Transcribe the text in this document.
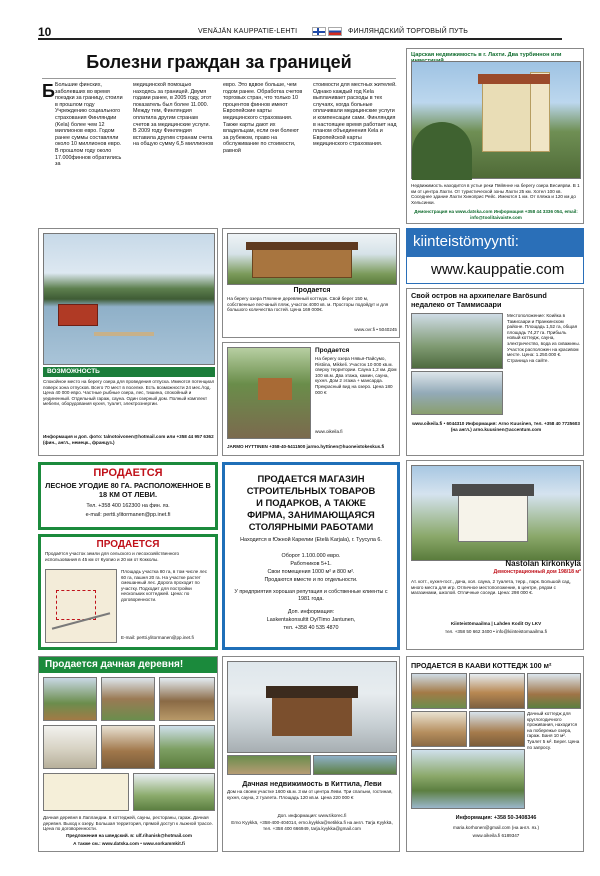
10	VENÄJÄN KAUPPATIE-LEHTI	ФИНЛЯНДСКИЙ ТОРГОВЫЙ ПУТЬ
Болезни граждан за границей
Б Большие финских, заболевших во время поездки за границу, стоили в прошлом году Учреждению социального страхования Финляндии (Kela) более чем 12 миллионов евро. Годом ранее суммы составляли около 10 миллионов евро. В прошлом году около 17.000финнов обратились за
медицинской помощью находясь за границей. Двумя годами ранее, в 2005 году, этот показатель был более 11.000. Между тем, Финляндия оплатила другим странам счетов за медицинские услуги. В 2009 году Финляндия вставила другим странам счета на общую сумму 6,5 миллионов
евро. Это вдвое больше, чем годом ранее. Обработка счетов торговых стран, что только 10 процентов финнов имеют Европейские карты медицинского страхования. Также карты дают их владельцам, если они болеют за рубежом, право на обслуживание по стоимости, равной
стоимости для местных жителей. Однако каждый год Kela выплачивает расходы в тех случаях, когда больные оплачивали медицинские услуги и компенсации сами. Финляндия в настоящее время работает над планом объединения Кela и Европейской карты медицинского страхования.
Царская недвижимость в г. Лахти. Два турбиннон или
Недвижимость находится в устье реки Пяйянне на берегу озера Весиярви. В 1 км от центра Лахти. От туристической зоны Лахти 25 км. Хотел 100 кв. Соседнее здание Лахти Хиноприс Рейс. Имеются 1 км. От пляжа и 120 км до Хельсинки.
Демонстрация на www.datska.com Информация +358 44 3336 054, email: info@toolitaivaiste.com
ВОЗМОЖНОСТЬ
Спокойное место на берегу озера для проведения отпуска. Имеются потенциал поверх зона отпусков. Всего 70 мест в поселке. Есть возможности 24 мес./год. Цена 40 000 евро. Частные рыбные озера, лес, тишина, спокойный и уединенный. Отдельный гараж, сауна. Один озерный дом. Полный комплект мебели, оборудования кухня, туалет, электроэнергии.
Информация и доп. фото: talnotoivonen@hotmail.com или +358 44 957 6362 (фин., англ., немецк., француз.)
Продается
На берегу озера Пяхянне деревянный коттедж. Свой берег 150 м, собственные песчаный пляж, участок 4000 кв. м. Просторы подойдут и для большого количества гостей. Цена 169 000€.
www.ovr.fi • 5040245
Продается
На берегу озера Нявья-Пайсумо, Ristiina, Mikkeli. Участок 10 000 кв.м. сверху территории. Сауна 1,2 км. Дом 100 кв.м. Два этажа, камин, сауна, кухня. Дом 2 этажа + мансарда. Прекрасный вид на озеро. Цена 180 000 €
www.oikeila.fi
JARMO HYTTINEN +358-40-5411500 jarmo.hyttinen@huoneistokeskus.fi
kiinteistömyynti:
www.kauppatie.com
Свой остров на архипелаге Barösund недалеко от Таммисаари
Местоположение: Коийка в Тамисаари и Пранкинском районе. Площадь 1,52 га, общая площадь 74,27 га. Прибыль новый коттедж, сауна, электричество, вода из скважины. Участок расположен на красивом месте. Цена: 1.250.000 €. Страница на сайте.
www.oikeila.fi • 6044310 Информация: Arno Kuusinen, тел. +358 40 7725603 (на англ.) arno.kuusinen@accentum.com
ПРОДАЕТСЯ
ЛЕСНОЕ УГОДИЕ 80 ГА. РАСПОЛОЖЕННОЕ В 18 КМ ОТ ЛЕВИ.
Тел. +358 400 162300 на фин. яз.
e-mail: pertti.ylitormanen@pp.inet.fi
ПРОДАЕТСЯ
Продаётся участок земли для сельского и лесохозяйственного использования в 45 км от Куопио и 20 км от Кокколы.
Площадь участка 80 га, в том числе лес 60 га, пашня 20 га. На участке растет смешанный лес. Дорога проходит по участку. Подходит для постройки нескольких коттеджей. Цена: по договоренности.
E-mail: pertti.ylitormanen@pp.inet.fi
ПРОДАЕТСЯ МАГАЗИН
СТРОИТЕЛЬНЫХ ТОВАРОВ
И ПОДАРКОВ, А ТАКЖЕ
ФИРМА, ЗАНИМАЮЩАЯСЯ
СТОЛЯРНЫМИ РАБОТАМИ
Находится в Южной Карелии (Etelä Karjala), г. Туусула 6.
Оборот 1.100.000 евро.
Работников 5+1.
Свои помещения 1000 м² и 800 м².
Продаются вместе и по отдельности.
У предприятия хорошая репутация и собственные клиенты с 1981 года.
Доп. информация:
Laskentakonsultit Oy/Timo Jantunen,
тел. +358 40 535 4870
Nastolan kirkonkylä
Демонстрационный дом 198/18 м²
Ат. котт., кухня-гост., дача, хол. сауна, 2 туалета, терр., парк. Большой сад, много места для игр. Отличное местоположение, в центре, рядом с магазинами, школой. Отличные соседи. Цена: 298 000 €.
Kiinteistömaailma | Lahden Kodit Oy LKV
тел. +358 50 662 3400 • info@kiinteistomaailma.fi
Продается дачная деревня!
Дачная деревня в Лапландии. 8 коттеджей, сауны, рестораны, гараж. Дачная деревня. Выход к озеру. Большая территория, прямой доступ к лыжной трассе. Цена по договоренности.
Предложения на шведский. в: ulf.rihanisk@hotmail.com
А также см.: www.datska.com • www.sorkammkit.fi
Дачная недвижимость в Киттила, Леви
Дом на своем участке 1600 кв.м. 3 км от центра Леви. Три спальни, гостиная, кухня, сауна, 2 туалета. Площадь 120 кв.м. Цена 220 000 €
Доп. информация: www.tikorec.fi
Erno Kyykkä, +358-400-404014, erno.kyykka@netikka.fi на англ. Tarja Kyykkä, тел. +358 400 666949, tarja.kyykka@gmail.com
ПРОДАЕТСЯ В КААВИ КОТТЕДЖ 100 м²
Дачный коттедж для круглогодичного проживания, находится на побережье озера, гараж. Баня 10 м². Туалет 5 м². Берег. Цена по запросу.
Информация: +358 50-3408346
maria.korhonen@gmail.com (на англ. яз.)
www.oikeila.fi 6189347
